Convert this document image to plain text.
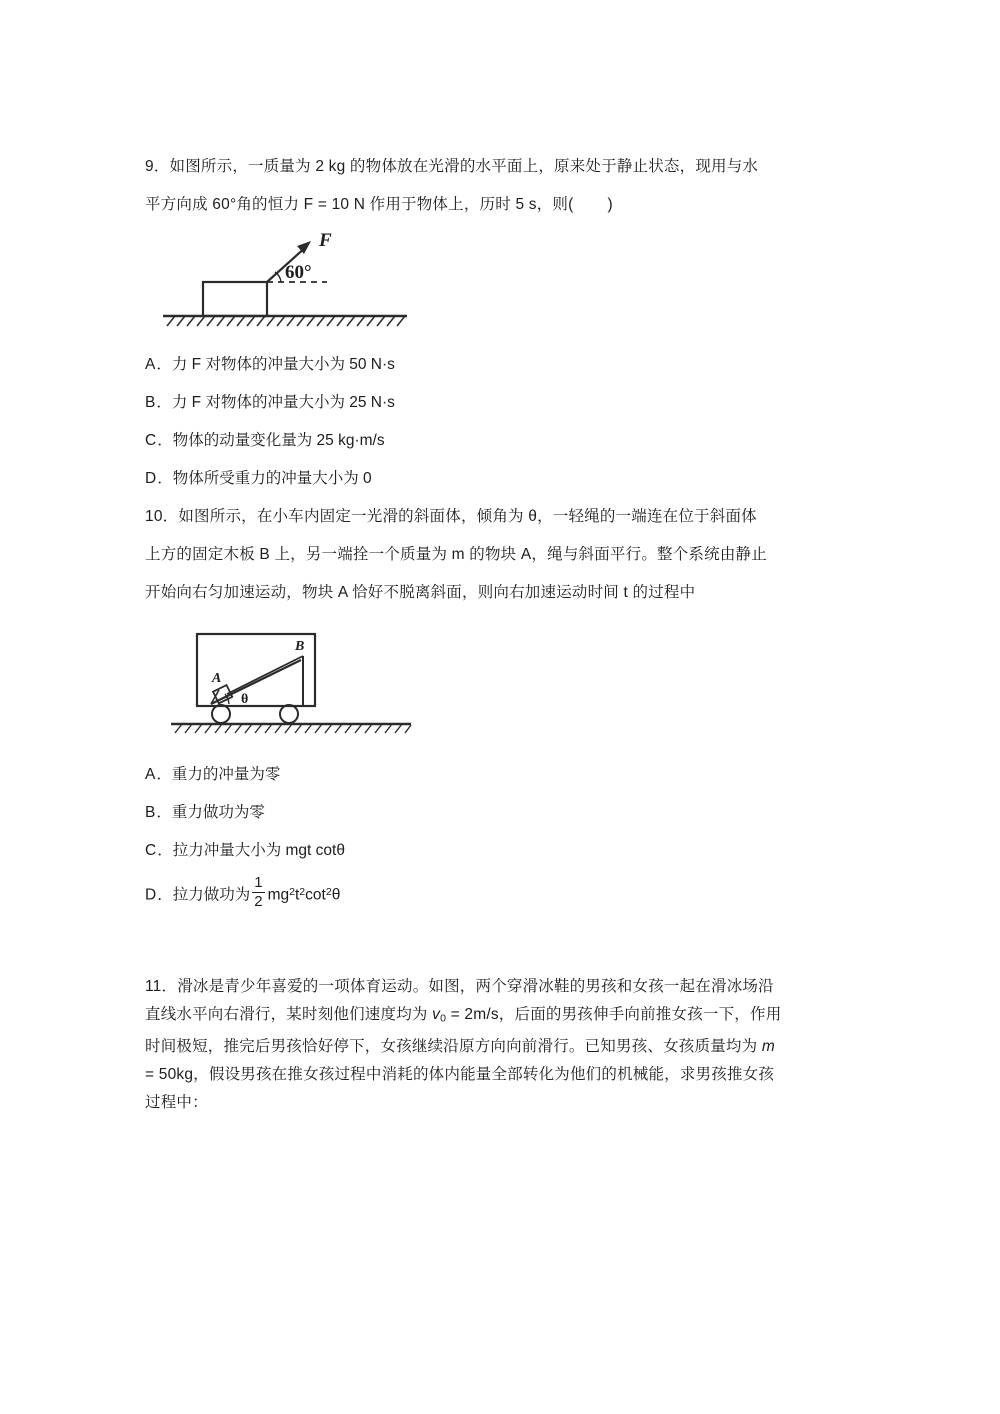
9．如图所示，一质量为 2 kg 的物体放在光滑的水平面上，原来处于静止状态，现用与水
平方向成 60°角的恒力 F = 10 N 作用于物体上，历时 5 s，则( )
F
60°
A．力 F 对物体的冲量大小为 50 N·s
B．力 F 对物体的冲量大小为 25 N·s
C．物体的动量变化量为 25 kg·m/s
D．物体所受重力的冲量大小为 0
10．如图所示，在小车内固定一光滑的斜面体，倾角为 θ，一轻绳的一端连在位于斜面体
上方的固定木板 B 上，另一端拴一个质量为 m 的物块 A，绳与斜面平行。整个系统由静止
开始向右匀加速运动，物块 A 恰好不脱离斜面，则向右加速运动时间 t 的过程中
A
B
θ
A．重力的冲量为零
B．重力做功为零
C．拉力冲量大小为 mgt cotθ
D．拉力做功为 $\frac{1}{2} mg^2t^2\cot^2\theta$
11．滑冰是青少年喜爱的一项体育运动。如图，两个穿滑冰鞋的男孩和女孩一起在滑冰场沿
直线水平向右滑行，某时刻他们速度均为 $v_0 = 2m/s$，后面的男孩伸手向前推女孩一下，作用
时间极短，推完后男孩恰好停下，女孩继续沿原方向向前滑行。已知男孩、女孩质量均为 m
= 50kg，假设男孩在推女孩过程中消耗的体内能量全部转化为他们的机械能，求男孩推女孩
过程中：
